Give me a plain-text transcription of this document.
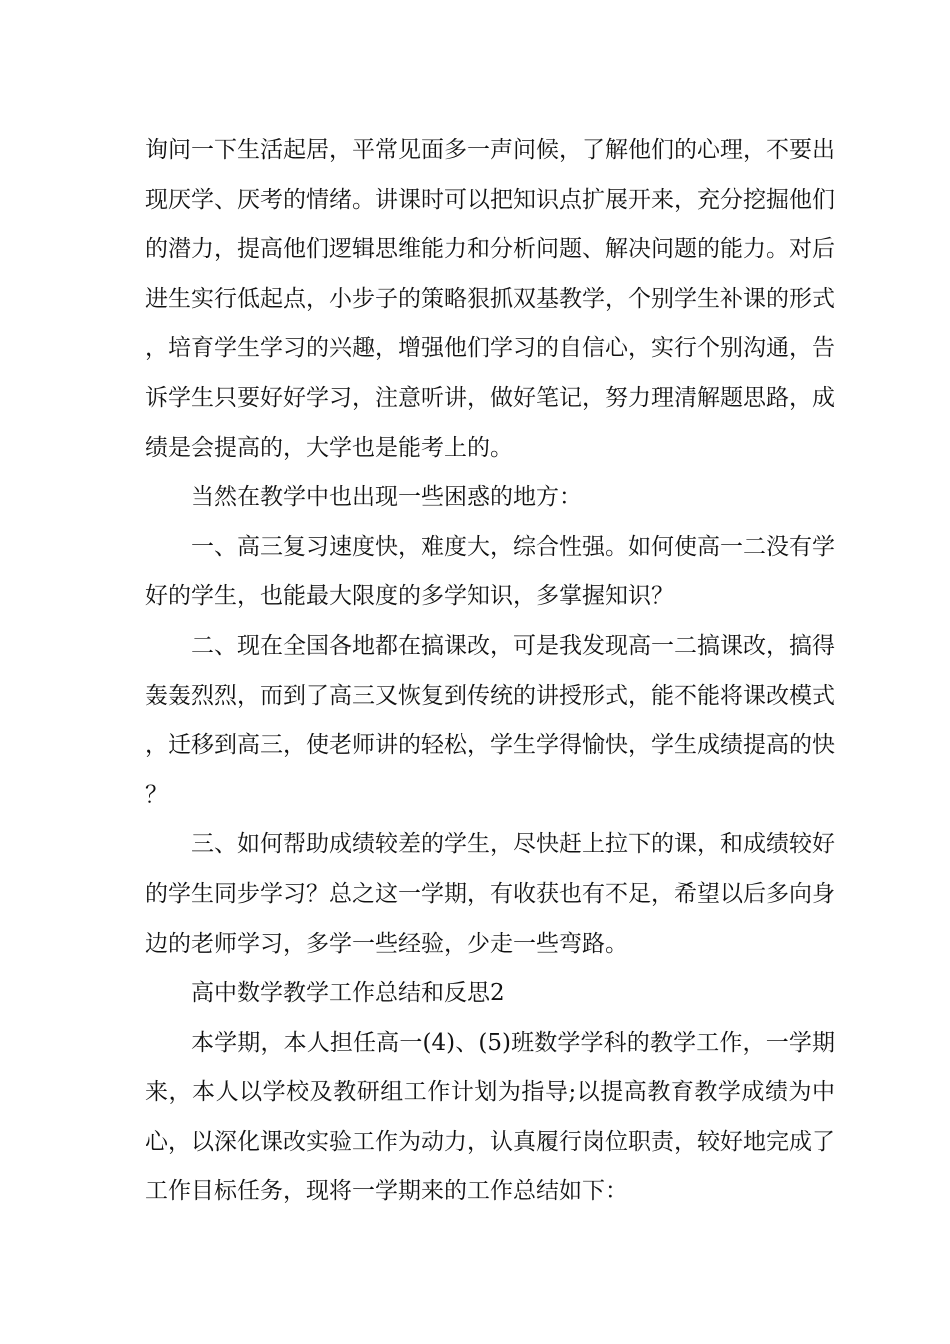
询问一下生活起居，平常见面多一声问候，了解他们的心理，不要出现厌学、厌考的情绪。讲课时可以把知识点扩展开来，充分挖掘他们的潜力，提高他们逻辑思维能力和分析问题、解决问题的能力。对后进生实行低起点，小步子的策略狠抓双基教学，个别学生补课的形式，培育学生学习的兴趣，增强他们学习的自信心，实行个别沟通，告诉学生只要好好学习，注意听讲，做好笔记，努力理清解题思路，成绩是会提高的，大学也是能考上的。

当然在教学中也出现一些困惑的地方：

一、高三复习速度快，难度大，综合性强。如何使高一二没有学好的学生，也能最大限度的多学知识，多掌握知识？

二、现在全国各地都在搞课改，可是我发现高一二搞课改，搞得轰轰烈烈，而到了高三又恢复到传统的讲授形式，能不能将课改模式，迁移到高三，使老师讲的轻松，学生学得愉快，学生成绩提高的快？

三、如何帮助成绩较差的学生，尽快赶上拉下的课，和成绩较好的学生同步学习？总之这一学期，有收获也有不足，希望以后多向身边的老师学习，多学一些经验，少走一些弯路。

高中数学教学工作总结和反思2

本学期，本人担任高一(4)、(5)班数学学科的教学工作，一学期来，本人以学校及教研组工作计划为指导;以提高教育教学成绩为中心，以深化课改实验工作为动力，认真履行岗位职责，较好地完成了工作目标任务，现将一学期来的工作总结如下：
